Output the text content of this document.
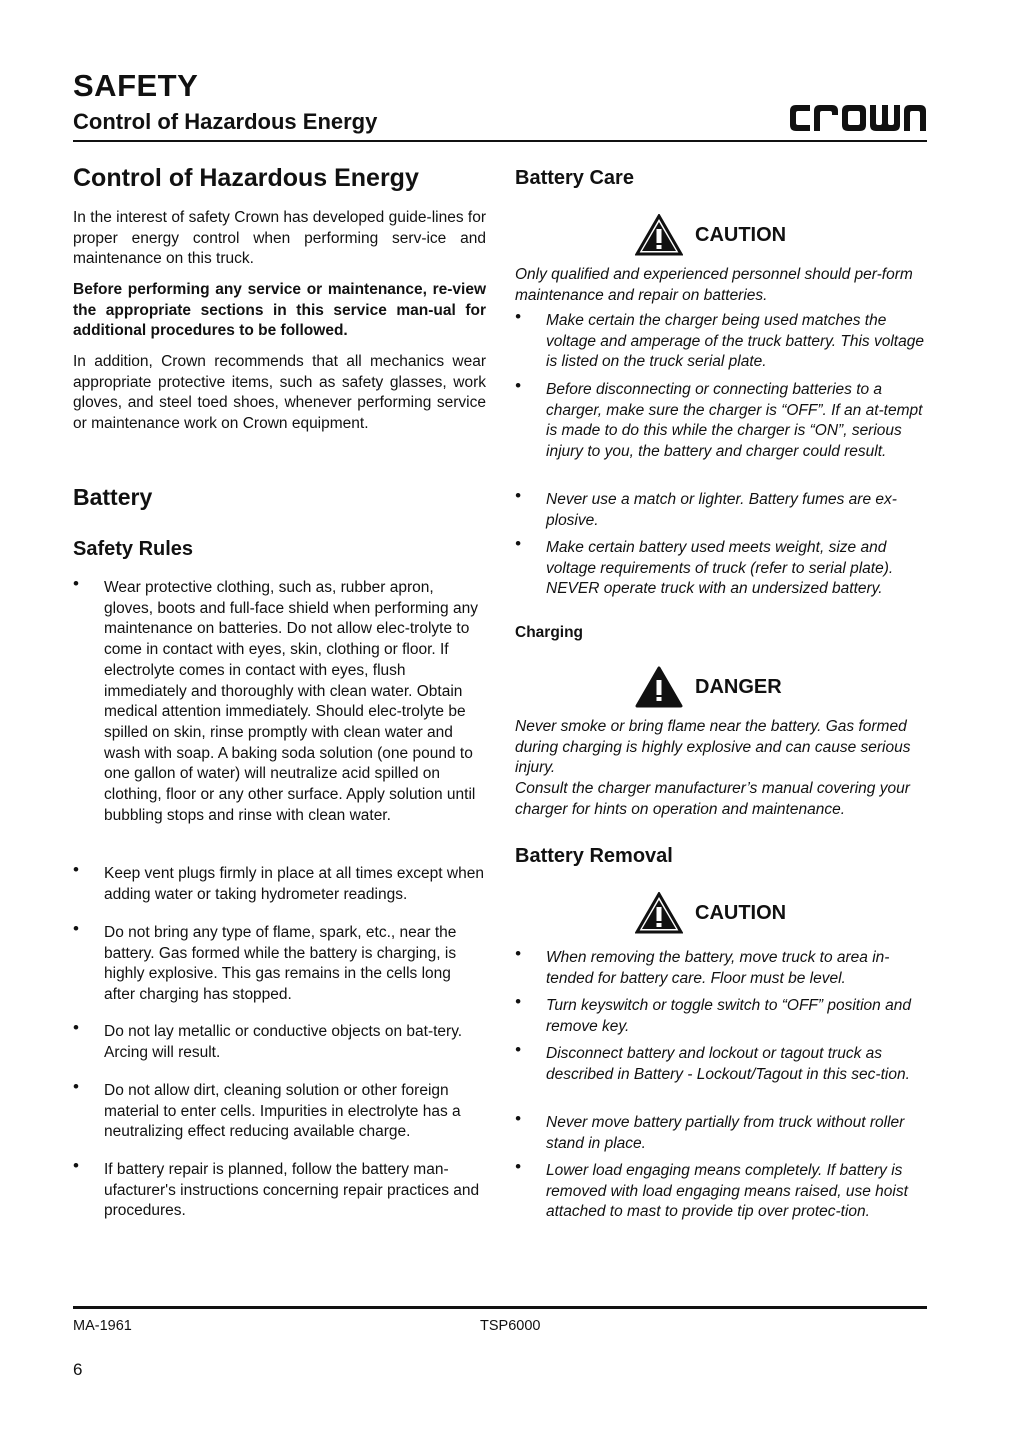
SAFETY
Control of Hazardous Energy
Control of Hazardous Energy

In the interest of safety Crown has developed guide-lines for proper energy control when performing serv-ice and maintenance on this truck.

Before performing any service or maintenance, re-view the appropriate sections in this service man-ual for additional procedures to be followed.

In addition, Crown recommends that all mechanics wear appropriate protective items, such as safety glasses, work gloves, and steel toed shoes, whenever performing service or maintenance work on Crown equipment.

Battery
Safety Rules
• Wear protective clothing, such as, rubber apron, gloves, boots and full-face shield when performing any maintenance on batteries. Do not allow elec-trolyte to come in contact with eyes, skin, clothing or floor. If electrolyte comes in contact with eyes, flush immediately and thoroughly with clean water. Obtain medical attention immediately. Should elec-trolyte be spilled on skin, rinse promptly with clean water and wash with soap. A baking soda solution (one pound to one gallon of water) will neutralize acid spilled on clothing, floor or any other surface. Apply solution until bubbling stops and rinse with clean water.
• Keep vent plugs firmly in place at all times except when adding water or taking hydrometer readings.
• Do not bring any type of flame, spark, etc., near the battery. Gas formed while the battery is charging, is highly explosive. This gas remains in the cells long after charging has stopped.
• Do not lay metallic or conductive objects on bat-tery. Arcing will result.
• Do not allow dirt, cleaning solution or other foreign material to enter cells. Impurities in electrolyte has a neutralizing effect reducing available charge.
• If battery repair is planned, follow the battery man-ufacturer's instructions concerning repair practices and procedures.
Battery Care
CAUTION

Only qualified and experienced personnel should per-form maintenance and repair on batteries.

• Make certain the charger being used matches the voltage and amperage of the truck battery. This voltage is listed on the truck serial plate.
• Before disconnecting or connecting batteries to a charger, make sure the charger is “OFF”. If an at-tempt is made to do this while the charger is “ON”, serious injury to you, the battery and charger could result.
• Never use a match or lighter. Battery fumes are ex-plosive.
• Make certain battery used meets weight, size and voltage requirements of truck (refer to serial plate). NEVER operate truck with an undersized battery.
Charging
DANGER

Never smoke or bring flame near the battery. Gas formed during charging is highly explosive and can cause serious injury.

Consult the charger manufacturer’s manual covering your charger for hints on operation and maintenance.

Battery Removal
CAUTION
• When removing the battery, move truck to area in-tended for battery care. Floor must be level.
• Turn keyswitch or toggle switch to “OFF” position and remove key.
• Disconnect battery and lockout or tagout truck as described in Battery - Lockout/Tagout in this sec-tion.
• Never move battery partially from truck without roller stand in place.
• Lower load engaging means completely. If battery is removed with load engaging means raised, use hoist attached to mast to provide tip over protec-tion.
MA-1961	TSP6000
6
